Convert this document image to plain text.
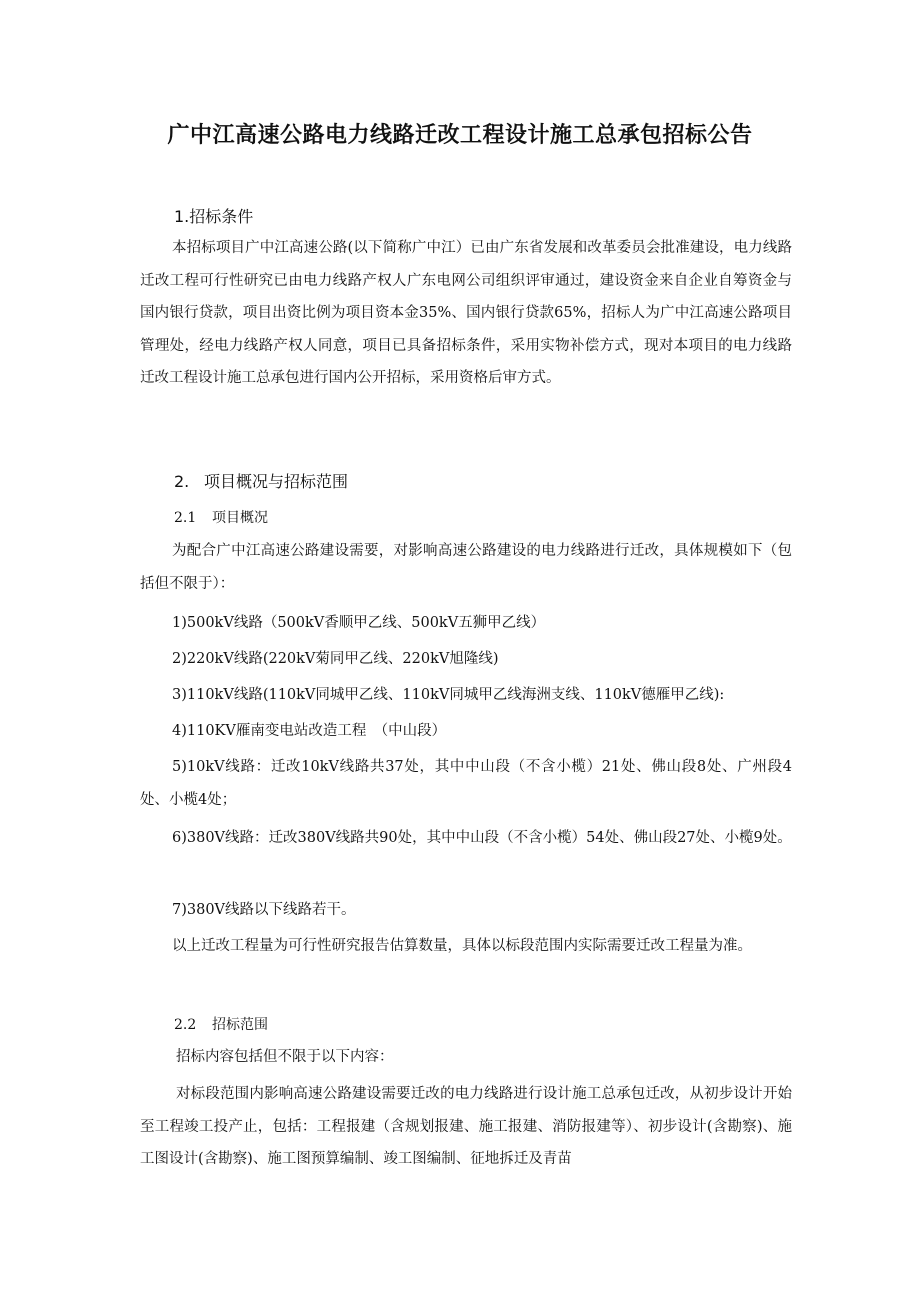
广中江高速公路电力线路迁改工程设计施工总承包招标公告

1.招标条件

本招标项目广中江高速公路(以下简称广中江）已由广东省发展和改革委员会批准建设，电力线路迁改工程可行性研究已由电力线路产权人广东电网公司组织评审通过，建设资金来自企业自筹资金与国内银行贷款，项目出资比例为项目资本金35%、国内银行贷款65%，招标人为广中江高速公路项目管理处，经电力线路产权人同意，项目已具备招标条件，采用实物补偿方式，现对本项目的电力线路迁改工程设计施工总承包进行国内公开招标，采用资格后审方式。

2. 项目概况与招标范围

2.1 项目概况

为配合广中江高速公路建设需要，对影响高速公路建设的电力线路进行迁改，具体规模如下（包括但不限于）：

1)500kV线路（500kV香顺甲乙线、500kV五狮甲乙线）

2)220kV线路(220kV菊同甲乙线、220kV旭隆线)

3)110kV线路(110kV同城甲乙线、110kV同城甲乙线海洲支线、110kV德雁甲乙线):

4)110KV雁南变电站改造工程　（中山段）

5)10kV线路：迁改10kV线路共37处，其中中山段（不含小榄）21处、佛山段8处、广州段4处、小榄4处；

6)380V线路：迁改380V线路共90处，其中中山段（不含小榄）54处、佛山段27处、小榄9处。

7)380V线路以下线路若干。

以上迁改工程量为可行性研究报告估算数量，具体以标段范围内实际需要迁改工程量为准。

2.2 招标范围

招标内容包括但不限于以下内容：

对标段范围内影响高速公路建设需要迁改的电力线路进行设计施工总承包迁改，从初步设计开始至工程竣工投产止，包括：工程报建（含规划报建、施工报建、消防报建等）、初步设计(含勘察)、施工图设计(含勘察)、施工图预算编制、竣工图编制、征地拆迁及青苗
